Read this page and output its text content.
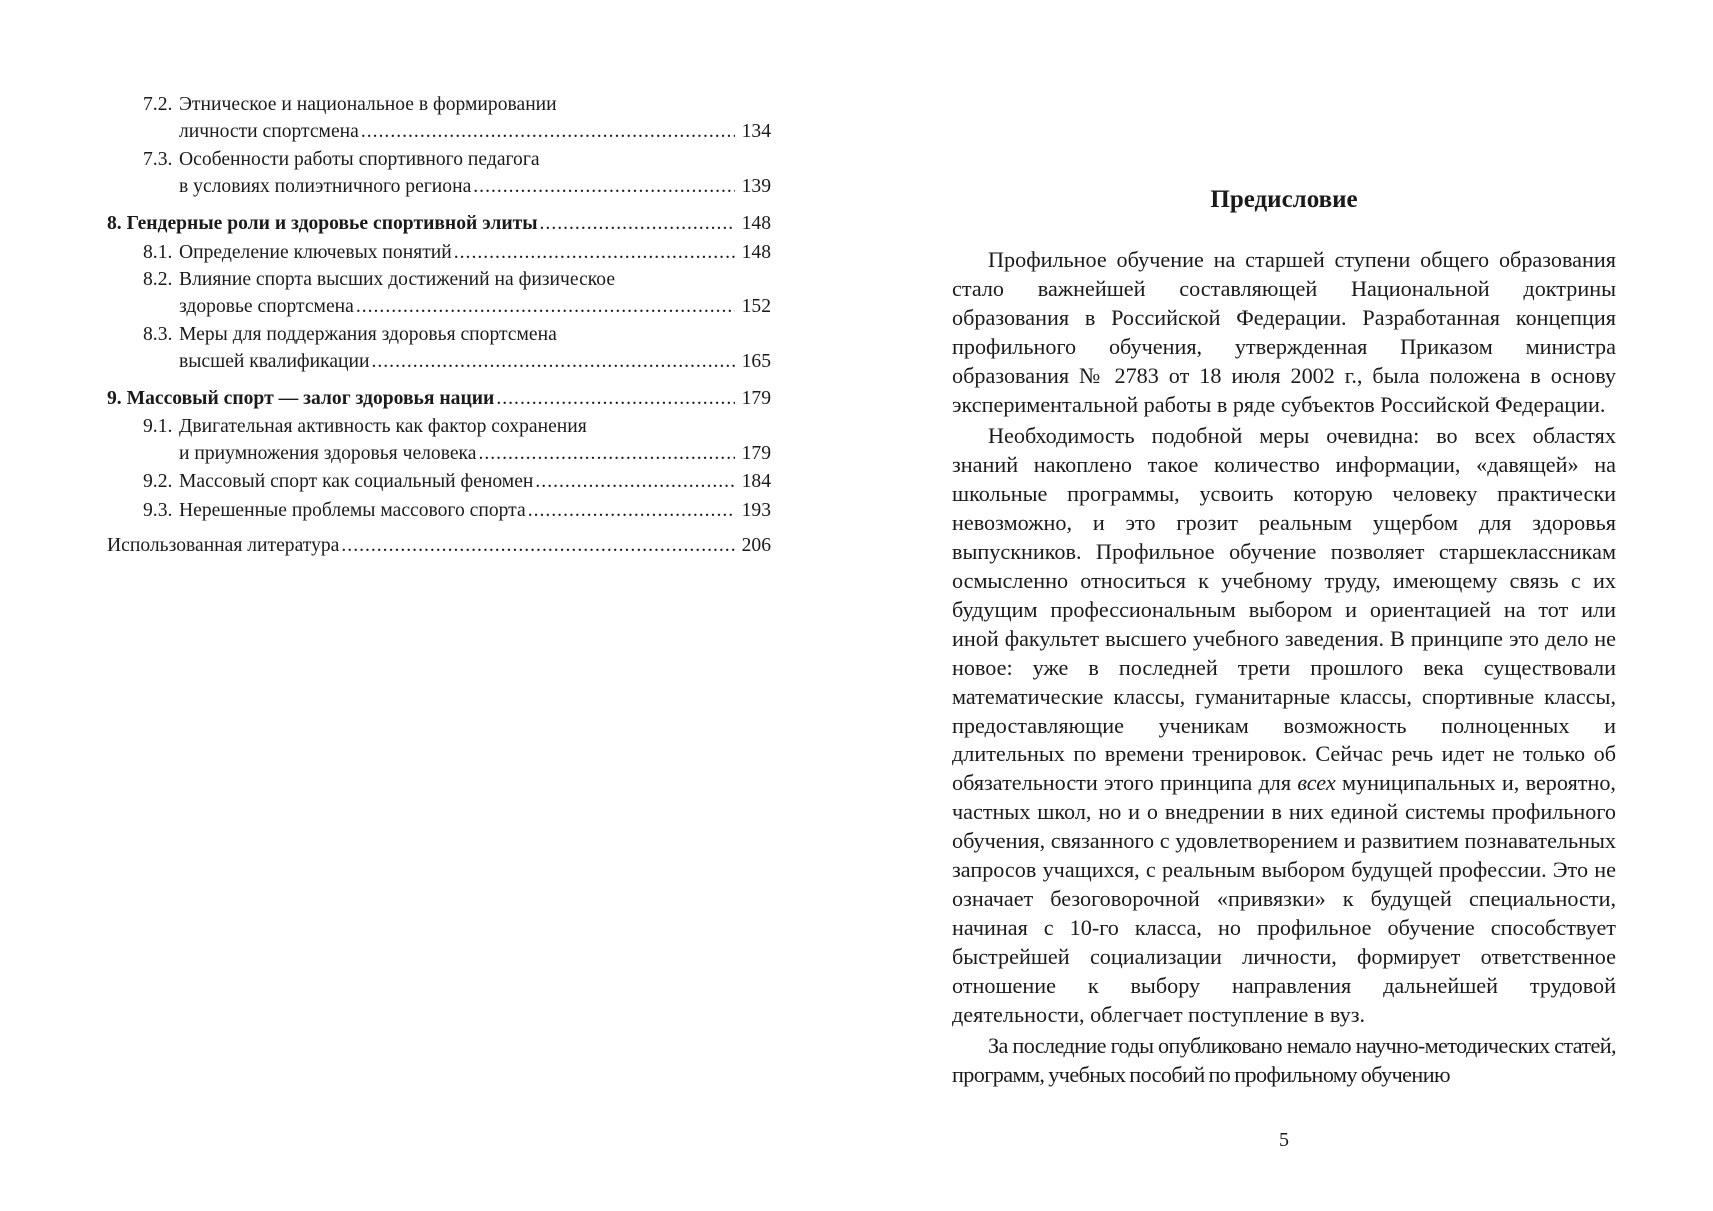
7.2. Этническое и национальное в формировании
личности спортсмена .....	134
7.3. Особенности работы спортивного педагога
в условиях полиэтничного региона .....	139
8. Гендерные роли и здоровье спортивной элиты .....	148
8.1. Определение ключевых понятий .....	148
8.2. Влияние спорта высших достижений на физическое
здоровье спортсмена .....	152
8.3. Меры для поддержания здоровья спортсмена
высшей квалификации .....	165
9. Массовый спорт — залог здоровья нации .....	179
9.1. Двигательная активность как фактор сохранения
и приумножения здоровья человека .....	179
9.2. Массовый спорт как социальный феномен .....	184
9.3. Нерешенные проблемы массового спорта .....	193
Использованная литература .....	206
Предисловие

Профильное обучение на старшей ступени общего образования стало важнейшей составляющей Национальной доктрины образования в Российской Федерации. Разработанная концепция профильного обучения, утвержденная Приказом министра образования № 2783 от 18 июля 2002 г., была положена в основу экспериментальной работы в ряде субъектов Российской Федерации.

Необходимость подобной меры очевидна: во всех областях знаний накоплено такое количество информации, «давящей» на школьные программы, усвоить которую человеку практически невозможно, и это грозит реальным ущербом для здоровья выпускников. Профильное обучение позволяет старшеклассникам осмысленно относиться к учебному труду, имеющему связь с их будущим профессиональным выбором и ориентацией на тот или иной факультет высшего учебного заведения. В принципе это дело не новое: уже в последней трети прошлого века существовали математические классы, гуманитарные классы, спортивные классы, предоставляющие ученикам возможность полноценных и длительных по времени тренировок. Сейчас речь идет не только об обязательности этого принципа для всех муниципальных и, вероятно, частных школ, но и о внедрении в них единой системы профильного обучения, связанного с удовлетворением и развитием познавательных запросов учащихся, с реальным выбором будущей профессии. Это не означает безоговорочной «привязки» к будущей специальности, начиная с 10-го класса, но профильное обучение способствует быстрейшей социализации личности, формирует ответственное отношение к выбору направления дальнейшей трудовой деятельности, облегчает поступление в вуз.

За последние годы опубликовано немало научно-методических статей, программ, учебных пособий по профильному обучению

5
